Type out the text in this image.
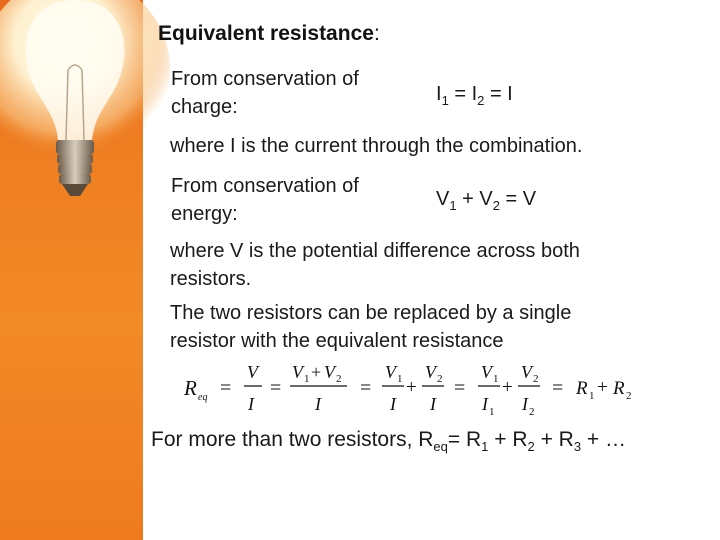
Equivalent resistance:
From conservation of
charge:
$I_1 = I_2 = I$
where I is the current through the combination.
From conservation of
energy:
$V_1 + V_2 = V$
where V is the potential difference across both
resistors.
The two resistors can be replaced by a single
resistor with the equivalent resistance
R eq =
V
I
=
V 1 + V 2
I
=
V 1
I
+
V 2
I
=
V 1
I 1
+
V 2
I 2
= R 1 + R 2
For more than two resistors, $R_{eq}= R_1 + R_2 + R_3$ + …
